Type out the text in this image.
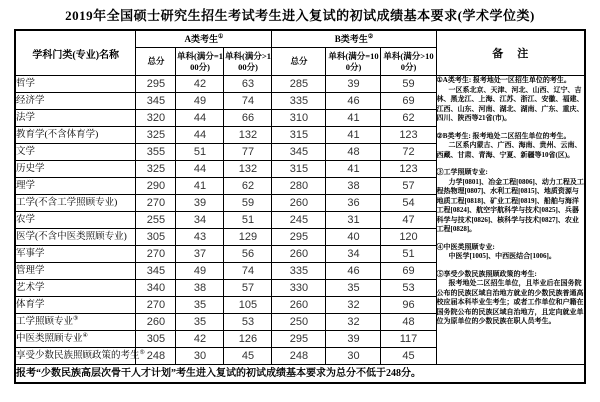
2019年全国硕士研究生招生考试考生进入复试的初试成绩基本要求(学术学位类)
学科门类(专业)名称	A类考生①			B类考生②			备注
	总分	单科(满分=100分)	单科(满分>100分)	总分	单科(满分=100分)	单科(满分>100分)	
哲学	295	42	63	285	39	59	①A类考生: 报考地处一区招生单位的考生。
一区系北京、天津、河北、山西、辽宁、吉林、黑龙江、上海、江苏、浙江、安徽、福建、江西、山东、河南、湖北、湖南、广东、重庆、四川、陕西等21省(市)。
②B类考生: 报考地处二区招生单位的考生。
二区系内蒙古、广西、海南、贵州、云南、西藏、甘肃、青海、宁夏、新疆等10省(区)。
③工学照顾专业:
力学[0801]、冶金工程[0806]、动力工程及工程热物理[0807]、水利工程[0815]、地质资源与地质工程[0818]、矿业工程[0819]、船舶与海洋工程[0824]、航空宇航科学与技术[0825]、兵器科学与技术[0826]、核科学与技术[0827]、农业工程[0828]。
④中医类照顾专业:
中医学[1005]、中西医结合[1006]。
⑤享受少数民族照顾政策的考生:
报考地处二区招生单位，且毕业后在国务院公布的民族区域自治地方就业的少数民族普通高校应届本科毕业生考生；或者工作单位和户籍在国务院公布的民族区域自治地方，且定向就业单位为原单位的少数民族在职人员考生。

经济学	345	49	74	335	46	69	
法学	320	44	66	310	41	62	
教育学(不含体育学)	325	44	132	315	41	123	
文学	355	51	77	345	48	72	
历史学	325	44	132	315	41	123	
理学	290	41	62	280	38	57	
工学(不含工学照顾专业)	270	39	59	260	36	54	
农学	255	34	51	245	31	47	
医学(不含中医类照顾专业)	305	43	129	295	40	120	
军事学	270	37	56	260	34	51	
管理学	345	49	74	335	46	69	
艺术学	340	38	57	330	35	53	
体育学	270	35	105	260	32	96	
工学照顾专业③	260	35	53	250	32	48	
中医类照顾专业④	305	42	126	295	39	117	
享受少数民族照顾政策的考生⑤	248	30	45	248	30	45	
报考“少数民族高层次骨干人才计划”考生进入复试的初试成绩基本要求为总分不低于248分。							
